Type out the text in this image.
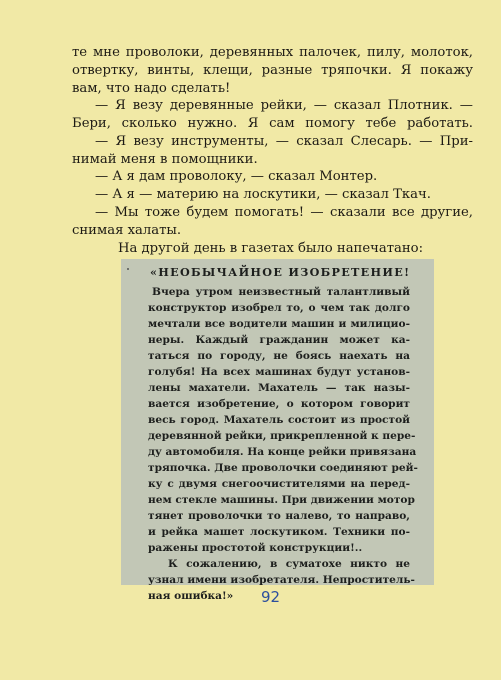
те мне проволоки, деревянных палочек, пилу, молоток,
отвертку, винты, клещи, разные тряпочки. Я покажу
вам, что надо сделать!
— Я везу деревянные рейки, — сказал Плотник. —
Бери, сколько нужно. Я сам помогу тебе работать.
— Я везу инструменты, — сказал Слесарь. — При-
нимай меня в помощники.
— А я дам проволоку, — сказал Монтер.
— А я — материю на лоскутики, — сказал Ткач.
— Мы тоже будем помогать! — сказали все другие,
снимая халаты.
На другой день в газетах было напечатано:
«НЕОБЫЧАЙНОЕ ИЗОБРЕТЕНИЕ!
Вчера утром неизвестный талантливый
конструктор изобрел то, о чем так долго
мечтали все водители машин и милицио-
неры. Каждый гражданин может ка-
таться по городу, не боясь наехать на
голубя! На всех машинах будут установ-
лены махатели. Махатель — так назы-
вается изобретение, о котором говорит
весь город. Махатель состоит из простой
деревянной рейки, прикрепленной к пере-
ду автомобиля. На конце рейки привязана
тряпочка. Две проволочки соединяют рей-
ку с двумя снегоочистителями на перед-
нем стекле машины. При движении мотор
тянет проволочки то налево, то направо,
и рейка машет лоскутиком. Техники по-
ражены простотой конструкции!..
К сожалению, в суматохе никто не
узнал имени изобретателя. Непроститель-
ная ошибка!»	92
